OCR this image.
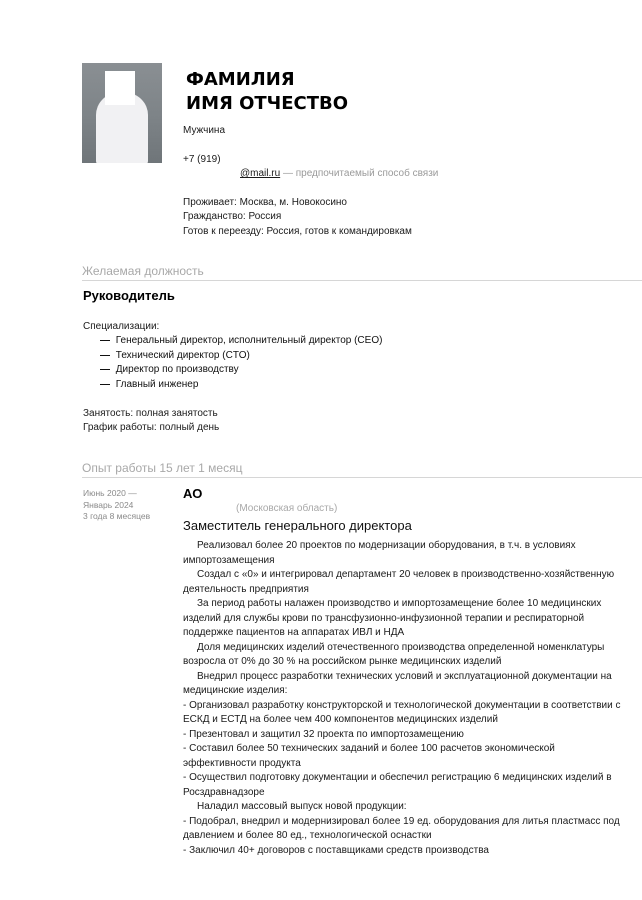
ФАМИЛИЯ
ИМЯ ОТЧЕСТВО
Мужчина
+7 (919)
@mail.ru — предпочитаемый способ связи
Проживает: Москва, м. Новокосино
Гражданство: Россия
Готов к переезду: Россия, готов к командировкам
Желаемая должность
Руководитель
Специализации:
— Генеральный директор, исполнительный директор (CEO)
— Технический директор (CTO)
— Директор по производству
— Главный инженер
Занятость: полная занятость
График работы: полный день
Опыт работы 15 лет 1 месяц
Июнь 2020 —
Январь 2024
3 года 8 месяцев
АО
(Московская область)
Заместитель генерального директора

Реализовал более 20 проектов по модернизации оборудования, в т.ч. в условиях импортозамещения

Создал с «0» и интегрировал департамент 20 человек в производственно-хозяйственную деятельность предприятия

За период работы налажен производство и импортозамещение более 10 медицинских изделий для службы крови по трансфузионно-инфузионной терапии и респираторной поддержке пациентов на аппаратах ИВЛ и НДА

Доля медицинских изделий отечественного производства определенной номенклатуры возросла от 0% до 30 % на российском рынке медицинских изделий

Внедрил процесс разработки технических условий и эксплуатационной документации на медицинские изделия:

- Организовал разработку конструкторской и технологической документации в соответствии с ЕСКД и ЕСТД на более чем 400 компонентов медицинских изделий

- Презентовал и защитил 32 проекта по импортозамещению

- Составил более 50 технических заданий и более 100 расчетов экономической эффективности продукта

- Осуществил подготовку документации и обеспечил регистрацию 6 медицинских изделий в Росздравнадзоре

Наладил массовый выпуск новой продукции:

- Подобрал, внедрил и модернизировал более 19 ед. оборудования для литья пластмасс под давлением и более 80 ед., технологической оснастки

- Заключил 40+ договоров с поставщиками средств производства
